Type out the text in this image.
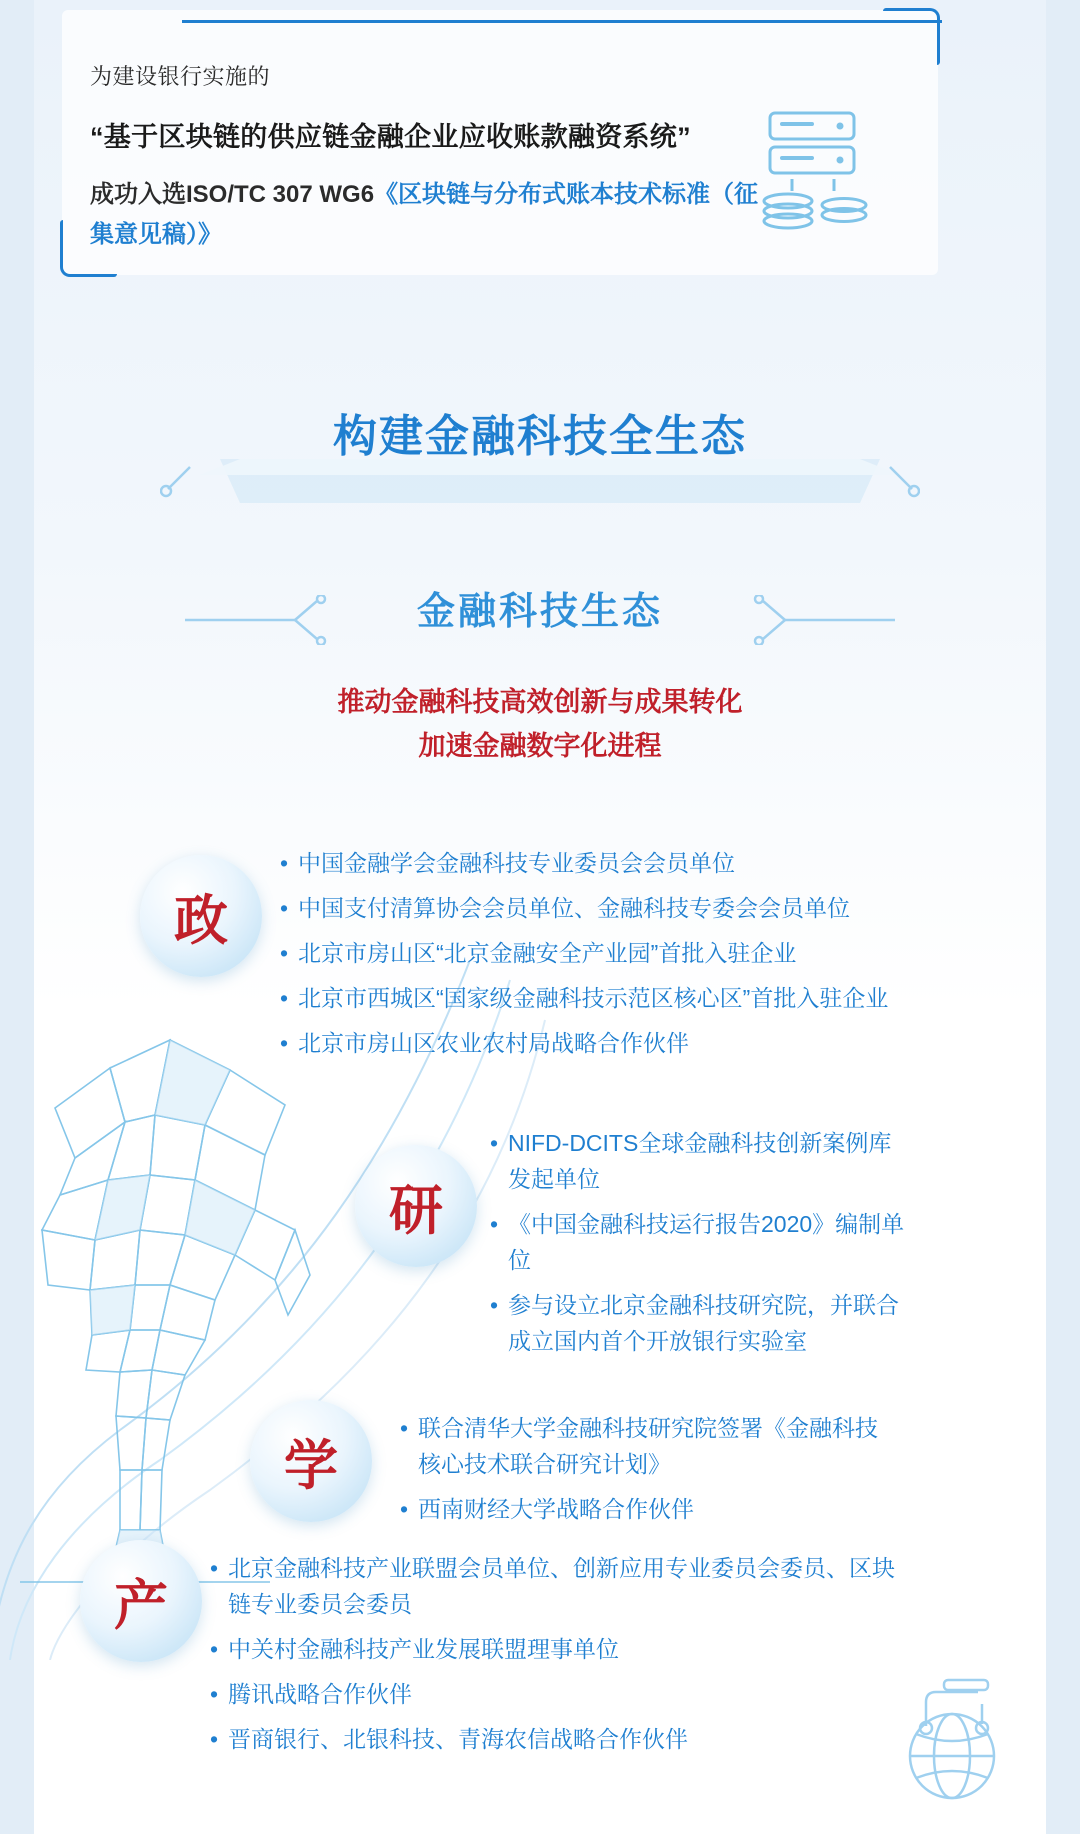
为建设银行实施的
“基于区块链的供应链金融企业应收账款融资系统”
成功入选ISO/TC 307 WG6《区块链与分布式账本技术标准（征集意见稿）》
构建金融科技全生态
金融科技生态
推动金融科技高效创新与成果转化
加速金融数字化进程
政
研
学
产
• 中国金融学会金融科技专业委员会会员单位
• 中国支付清算协会会员单位、金融科技专委会会员单位
• 北京市房山区“北京金融安全产业园”首批入驻企业
• 北京市西城区“国家级金融科技示范区核心区”首批入驻企业
• 北京市房山区农业农村局战略合作伙伴
• NIFD-DCITS全球金融科技创新案例库发起单位
• 《中国金融科技运行报告2020》编制单位
• 参与设立北京金融科技研究院，并联合成立国内首个开放银行实验室
• 联合清华大学金融科技研究院签署《金融科技核心技术联合研究计划》
• 西南财经大学战略合作伙伴
• 北京金融科技产业联盟会员单位、创新应用专业委员会委员、区块链专业委员会委员
• 中关村金融科技产业发展联盟理事单位
• 腾讯战略合作伙伴
• 晋商银行、北银科技、青海农信战略合作伙伴
